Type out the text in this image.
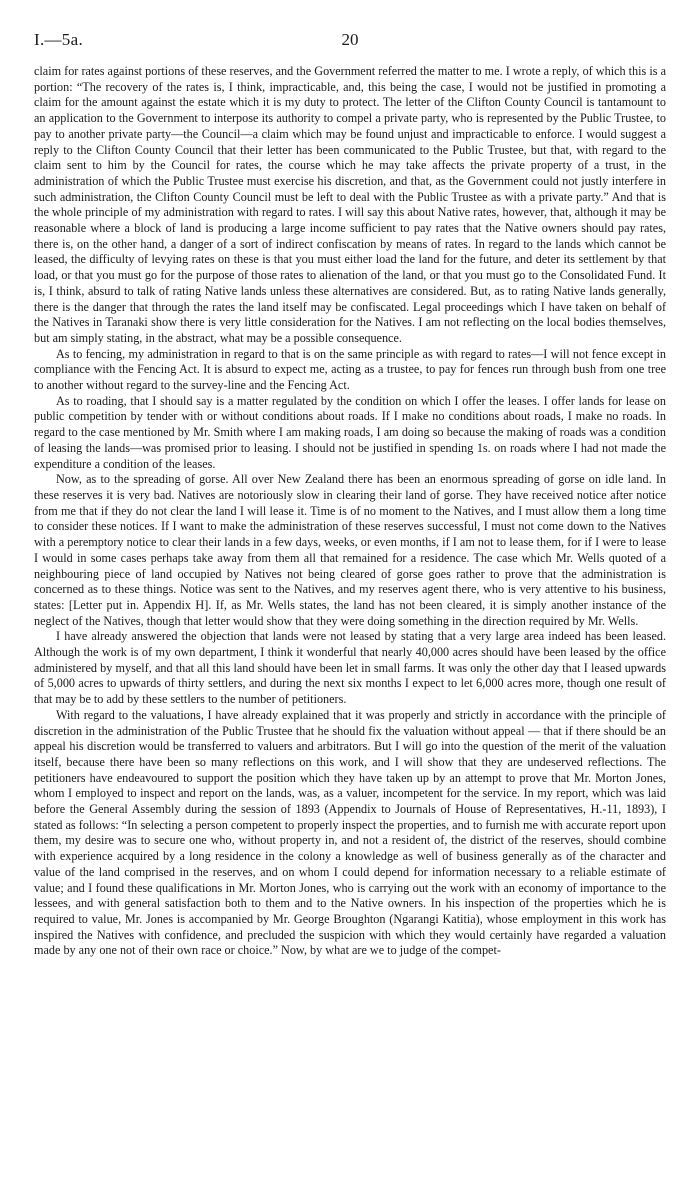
I.—5a.	20

claim for rates against portions of these reserves, and the Government referred the matter to me. I wrote a reply, of which this is a portion: “The recovery of the rates is, I think, impracticable, and, this being the case, I would not be justified in promoting a claim for the amount against the estate which it is my duty to protect. The letter of the Clifton County Council is tantamount to an application to the Government to interpose its authority to compel a private party, who is represented by the Public Trustee, to pay to another private party—the Council—a claim which may be found unjust and impracticable to enforce. I would suggest a reply to the Clifton County Council that their letter has been communicated to the Public Trustee, but that, with regard to the claim sent to him by the Council for rates, the course which he may take affects the private property of a trust, in the administration of which the Public Trustee must exercise his discretion, and that, as the Government could not justly interfere in such administration, the Clifton County Council must be left to deal with the Public Trustee as with a private party.” And that is the whole principle of my administration with regard to rates. I will say this about Native rates, however, that, although it may be reasonable where a block of land is producing a large income sufficient to pay rates that the Native owners should pay rates, there is, on the other hand, a danger of a sort of indirect confiscation by means of rates. In regard to the lands which cannot be leased, the difficulty of levying rates on these is that you must either load the land for the future, and deter its settlement by that load, or that you must go for the purpose of those rates to alienation of the land, or that you must go to the Consolidated Fund. It is, I think, absurd to talk of rating Native lands unless these alternatives are considered. But, as to rating Native lands generally, there is the danger that through the rates the land itself may be confiscated. Legal proceedings which I have taken on behalf of the Natives in Taranaki show there is very little consideration for the Natives. I am not reflecting on the local bodies themselves, but am simply stating, in the abstract, what may be a possible consequence.

As to fencing, my administration in regard to that is on the same principle as with regard to rates—I will not fence except in compliance with the Fencing Act. It is absurd to expect me, acting as a trustee, to pay for fences run through bush from one tree to another without regard to the survey-line and the Fencing Act.

As to roading, that I should say is a matter regulated by the condition on which I offer the leases. I offer lands for lease on public competition by tender with or without conditions about roads. If I make no conditions about roads, I make no roads. In regard to the case mentioned by Mr. Smith where I am making roads, I am doing so because the making of roads was a condition of leasing the lands—was promised prior to leasing. I should not be justified in spending 1s. on roads where I had not made the expenditure a condition of the leases.

Now, as to the spreading of gorse. All over New Zealand there has been an enormous spreading of gorse on idle land. In these reserves it is very bad. Natives are notoriously slow in clearing their land of gorse. They have received notice after notice from me that if they do not clear the land I will lease it. Time is of no moment to the Natives, and I must allow them a long time to consider these notices. If I want to make the administration of these reserves successful, I must not come down to the Natives with a peremptory notice to clear their lands in a few days, weeks, or even months, if I am not to lease them, for if I were to lease I would in some cases perhaps take away from them all that remained for a residence. The case which Mr. Wells quoted of a neighbouring piece of land occupied by Natives not being cleared of gorse goes rather to prove that the administration is concerned as to these things. Notice was sent to the Natives, and my reserves agent there, who is very attentive to his business, states: [Letter put in. Appendix H]. If, as Mr. Wells states, the land has not been cleared, it is simply another instance of the neglect of the Natives, though that letter would show that they were doing something in the direction required by Mr. Wells.

I have already answered the objection that lands were not leased by stating that a very large area indeed has been leased. Although the work is of my own department, I think it wonderful that nearly 40,000 acres should have been leased by the office administered by myself, and that all this land should have been let in small farms. It was only the other day that I leased upwards of 5,000 acres to upwards of thirty settlers, and during the next six months I expect to let 6,000 acres more, though one result of that may be to add by these settlers to the number of petitioners.

With regard to the valuations, I have already explained that it was properly and strictly in accordance with the principle of discretion in the administration of the Public Trustee that he should fix the valuation without appeal — that if there should be an appeal his discretion would be transferred to valuers and arbitrators. But I will go into the question of the merit of the valuation itself, because there have been so many reflections on this work, and I will show that they are undeserved reflections. The petitioners have endeavoured to support the position which they have taken up by an attempt to prove that Mr. Morton Jones, whom I employed to inspect and report on the lands, was, as a valuer, incompetent for the service. In my report, which was laid before the General Assembly during the session of 1893 (Appendix to Journals of House of Representatives, H.-11, 1893), I stated as follows: “In selecting a person competent to properly inspect the properties, and to furnish me with accurate report upon them, my desire was to secure one who, without property in, and not a resident of, the district of the reserves, should combine with experience acquired by a long residence in the colony a knowledge as well of business generally as of the character and value of the land comprised in the reserves, and on whom I could depend for information necessary to a reliable estimate of value; and I found these qualifications in Mr. Morton Jones, who is carrying out the work with an economy of importance to the lessees, and with general satisfaction both to them and to the Native owners. In his inspection of the properties which he is required to value, Mr. Jones is accompanied by Mr. George Broughton (Ngarangi Katitia), whose employment in this work has inspired the Natives with confidence, and precluded the suspicion with which they would certainly have regarded a valuation made by any one not of their own race or choice.” Now, by what are we to judge of the compet-
